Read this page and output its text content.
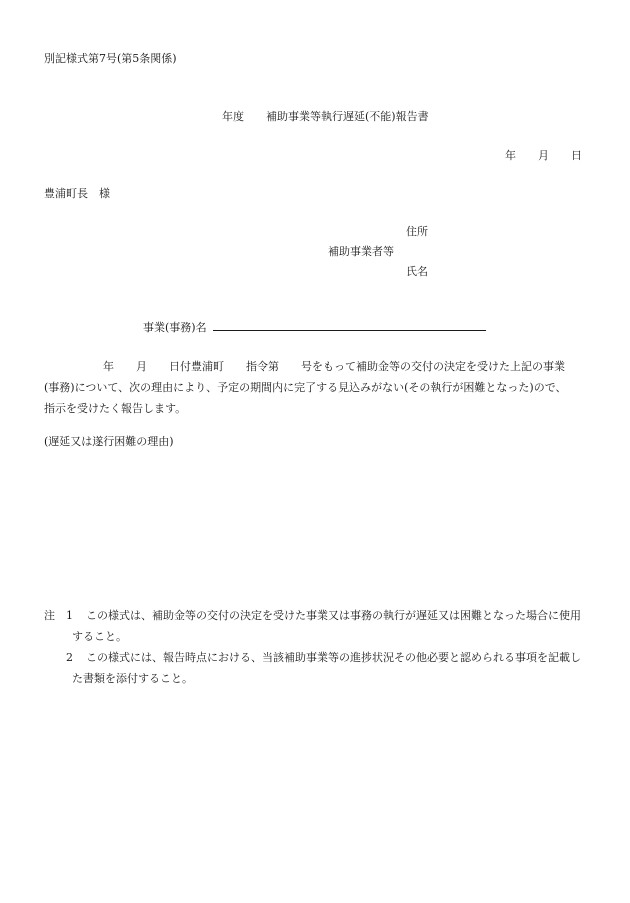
別記様式第7号(第5条関係)
年度　　補助事業等執行遅延(不能)報告書
年 月 日
豊浦町長　様
住所
補助事業者等
氏名
事業(事務)名
年　　月　　日付豊浦町　　指令第　　号をもって補助金等の交付の決定を受けた上記の事業
(事務)について、次の理由により、予定の期間内に完了する見込みがない(その執行が困難となった)ので、
指示を受けたく報告します。
(遅延又は遂行困難の理由)
注 1 この様式は、補助金等の交付の決定を受けた事業又は事務の執行が遅延又は困難となった場合に使用
すること。
2 この様式には、報告時点における、当該補助事業等の進捗状況その他必要と認められる事項を記載し
た書類を添付すること。
